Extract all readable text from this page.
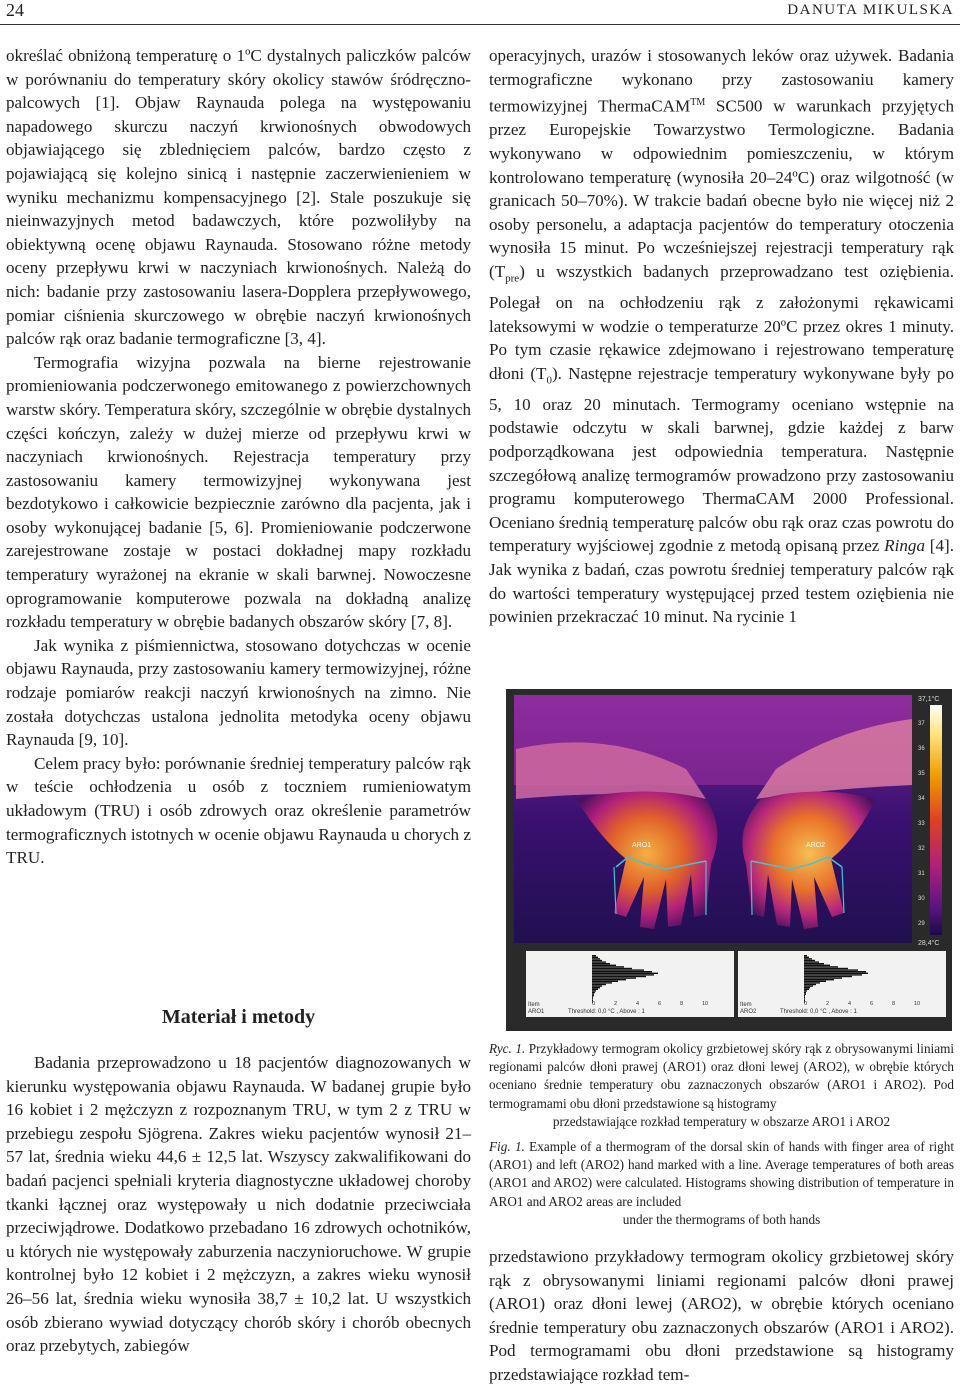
24	DANUTA MIKULSKA

określać obniżoną temperaturę o 1ºC dystalnych paliczków palców w porównaniu do temperatury skóry okolicy stawów śródręczno-palcowych [1]. Objaw Raynauda polega na występowaniu napadowego skurczu naczyń krwionośnych obwodowych objawiającego się zblednięciem palców, bardzo często z pojawiającą się kolejno sinicą i następnie zaczerwienieniem w wyniku mechanizmu kompensacyjnego [2]. Stale poszukuje się nieinwazyjnych metod badawczych, które pozwoliłyby na obiektywną ocenę objawu Raynauda. Stosowano różne metody oceny przepływu krwi w naczyniach krwionośnych. Należą do nich: badanie przy zastosowaniu lasera-Dopplera przepływowego, pomiar ciśnienia skurczowego w obrębie naczyń krwionośnych palców rąk oraz badanie termograficzne [3, 4].

Termografia wizyjna pozwala na bierne rejestrowanie promieniowania podczerwonego emitowanego z powierzchownych warstw skóry. Temperatura skóry, szczególnie w obrębie dystalnych części kończyn, zależy w dużej mierze od przepływu krwi w naczyniach krwionośnych. Rejestracja temperatury przy zastosowaniu kamery termowizyjnej wykonywana jest bezdotykowo i całkowicie bezpiecznie zarówno dla pacjenta, jak i osoby wykonującej badanie [5, 6]. Promieniowanie podczerwone zarejestrowane zostaje w postaci dokładnej mapy rozkładu temperatury wyrażonej na ekranie w skali barwnej. Nowoczesne oprogramowanie komputerowe pozwala na dokładną analizę rozkładu temperatury w obrębie badanych obszarów skóry [7, 8].

Jak wynika z piśmiennictwa, stosowano dotychczas w ocenie objawu Raynauda, przy zastosowaniu kamery termowizyjnej, różne rodzaje pomiarów reakcji naczyń krwionośnych na zimno. Nie została dotychczas ustalona jednolita metodyka oceny objawu Raynauda [9, 10].

Celem pracy było: porównanie średniej temperatury palców rąk w teście ochłodzenia u osób z toczniem rumieniowatym układowym (TRU) i osób zdrowych oraz określenie parametrów termograficznych istotnych w ocenie objawu Raynauda u chorych z TRU.

Materiał i metody

Badania przeprowadzono u 18 pacjentów diagnozowanych w kierunku występowania objawu Raynauda. W badanej grupie było 16 kobiet i 2 mężczyzn z rozpoznanym TRU, w tym 2 z TRU w przebiegu zespołu Sjögrena. Zakres wieku pacjentów wynosił 21–57 lat, średnia wieku 44,6 ± 12,5 lat. Wszyscy zakwalifikowani do badań pacjenci spełniali kryteria diagnostyczne układowej choroby tkanki łącznej oraz występowały u nich dodatnie przeciwciała przeciwjądrowe. Dodatkowo przebadano 16 zdrowych ochotników, u których nie występowały zaburzenia naczynioruchowe. W grupie kontrolnej było 12 kobiet i 2 mężczyzn, a zakres wieku wynosił 26–56 lat, średnia wieku wynosiła 38,7 ± 10,2 lat. U wszystkich osób zbierano wywiad dotyczący chorób skóry i chorób obecnych oraz przebytych, zabiegów

operacyjnych, urazów i stosowanych leków oraz używek. Badania termograficzne wykonano przy zastosowaniu kamery termowizyjnej ThermaCAM™ SC500 w warunkach przyjętych przez Europejskie Towarzystwo Termologiczne. Badania wykonywano w odpowiednim pomieszczeniu, w którym kontrolowano temperaturę (wynosiła 20–24ºC) oraz wilgotność (w granicach 50–70%). W trakcie badań obecne było nie więcej niż 2 osoby personelu, a adaptacja pacjentów do temperatury otoczenia wynosiła 15 minut. Po wcześniejszej rejestracji temperatury rąk $(T_{pre})$ u wszystkich badanych przeprowadzano test oziębienia. Polegał on na ochłodzeniu rąk z założonymi rękawicami lateksowymi w wodzie o temperaturze 20ºC przez okres 1 minuty. Po tym czasie rękawice zdejmowano i rejestrowano temperaturę dłoni $(T_0)$. Następne rejestracje temperatury wykonywane były po 5, 10 oraz 20 minutach. Termogramy oceniano wstępnie na podstawie odczytu w skali barwnej, gdzie każdej z barw podporządkowana jest odpowiednia temperatura. Następnie szczegółową analizę termogramów prowadzono przy zastosowaniu programu komputerowego ThermaCAM 2000 Professional. Oceniano średnią temperaturę palców obu rąk oraz czas powrotu do temperatury wyjściowej zgodnie z metodą opisaną przez Ringa [4]. Jak wynika z badań, czas powrotu średniej temperatury palców rąk do wartości temperatury występującej przed testem oziębienia nie powinien przekraczać 10 minut. Na rycinie 1

ARO1	ARO2
37,1°C
28,4°C
37
36
35
34
33
32
31
30
29
0	2	4	6	8	10	0	2	4	6	8	10
ARO1
Item
Threshold: 0,0 °C , Above : 1	ARO2
Item
Threshold: 0,0 °C , Above : 1

Ryc. 1. Przykładowy termogram okolicy grzbietowej skóry rąk z obrysowanymi liniami regionami palców dłoni prawej (ARO1) oraz dłoni lewej (ARO2), w obrębie których oceniano średnie temperatury obu zaznaczonych obszarów (ARO1 i ARO2). Pod termogramami obu dłoni przedstawione są histogramy

przedstawiające rozkład temperatury w obszarze ARO1 i ARO2

Fig. 1. Example of a thermogram of the dorsal skin of hands with finger area of right (ARO1) and left (ARO2) hand marked with a line. Average temperatures of both areas (ARO1 and ARO2) were calculated. Histograms showing distribution of temperature in ARO1 and ARO2 areas are included

under the thermograms of both hands

przedstawiono przykładowy termogram okolicy grzbietowej skóry rąk z obrysowanymi liniami regionami palców dłoni prawej (ARO1) oraz dłoni lewej (ARO2), w obrębie których oceniano średnie temperatury obu zaznaczonych obszarów (ARO1 i ARO2). Pod termogramami obu dłoni przedstawione są histogramy przedstawiające rozkład tem-
